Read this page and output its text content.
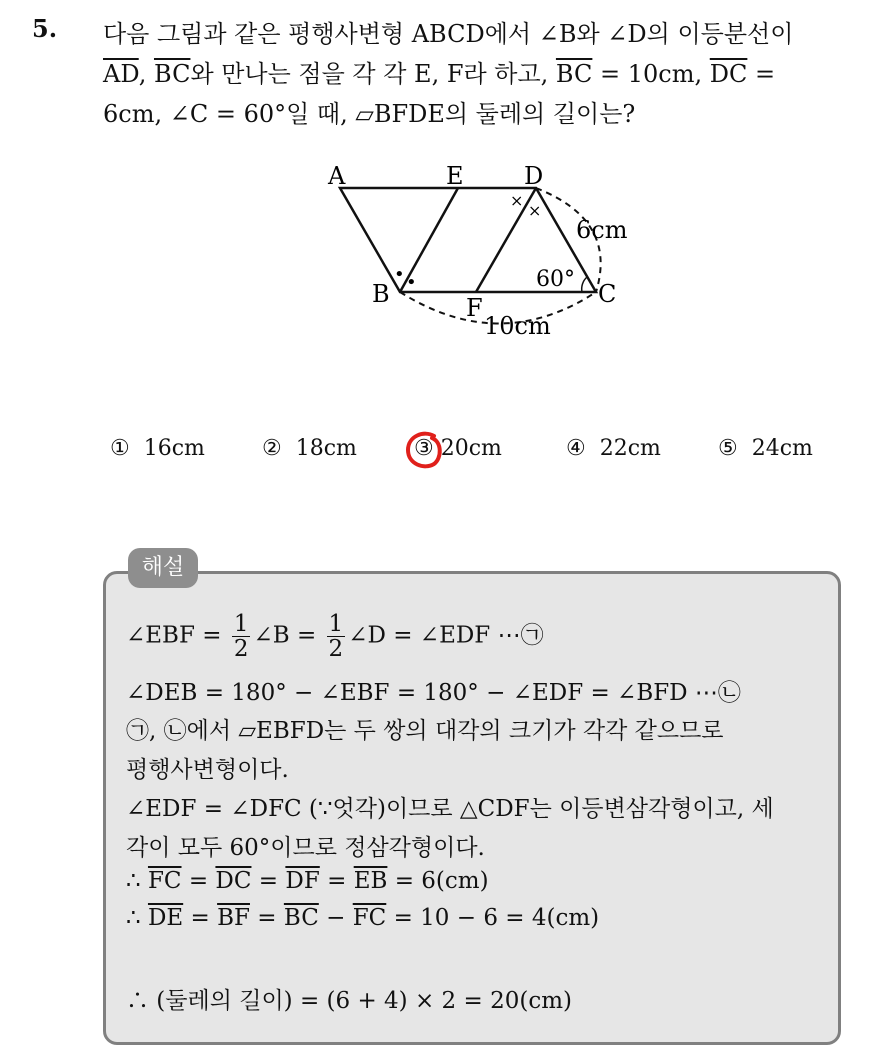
5. 다음 그림과 같은 평행사변형 ABCD에서 ∠B와 ∠D의 이등분선이
$\overline{AD}$, $\overline{BC}$와 만나는 점을 각 각 E, F라 하고, $\overline{BC} = 10cm$, $\overline{DC}$ =
6cm, ∠C = 60°일 때, ▱BFDE의 둘레의 길이는?
A	E	D
B	F	C
6cm
10cm
60°
×
×
• •
① 16cm	② 18cm	③ 20cm	④ 22cm	⑤ 24cm
해설
∠EBF = $\frac{1}{2}$ ∠B = $\frac{1}{2}$ ∠D = ∠EDF ⋯㉠
∠DEB = 180° − ∠EBF = 180° − ∠EDF = ∠BFD ⋯㉡
㉠, ㉡에서 ▱EBFD는 두 쌍의 대각의 크기가 각각 같으므로
평행사변형이다.
∠EDF = ∠DFC (∵엇각)이므로 △CDF는 이등변삼각형이고, 세
각이 모두 60°이므로 정삼각형이다.
∴ $\overline{FC} = \overline{DC} = \overline{DF} = \overline{EB} = 6(cm)$
∴ $\overline{DE} = \overline{BF} = \overline{BC} - \overline{FC} = 10 - 6 = 4(cm)$
∴ (둘레의 길이) = (6 + 4) × 2 = 20(cm)
